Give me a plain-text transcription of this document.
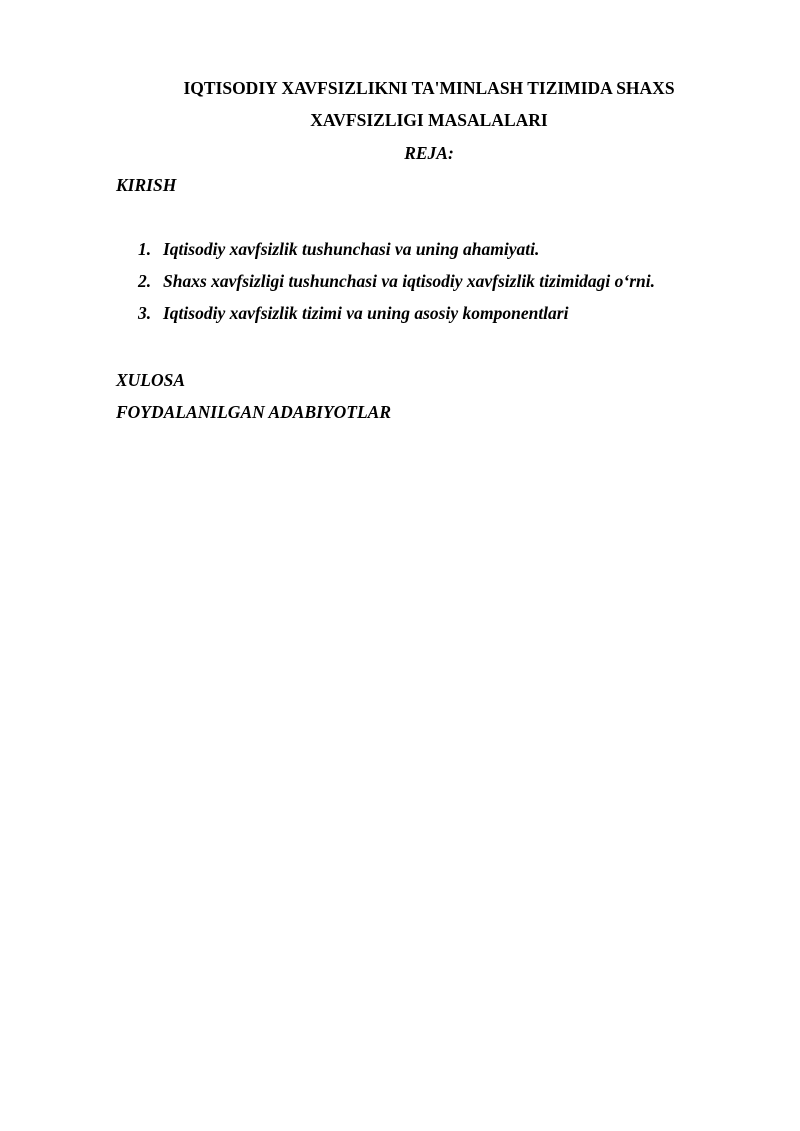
IQTISODIY XAVFSIZLIKNI TA'MINLASH TIZIMIDA SHAXS

XAVFSIZLIGI MASALALARI

REJA:

KIRISH

1. Iqtisodiy xavfsizlik tushunchasi va uning ahamiyati.
2. Shaxs xavfsizligi tushunchasi va iqtisodiy xavfsizlik tizimidagi o‘rni.
3. Iqtisodiy xavfsizlik tizimi va uning asosiy komponentlari

XULOSA

FOYDALANILGAN ADABIYOTLAR
